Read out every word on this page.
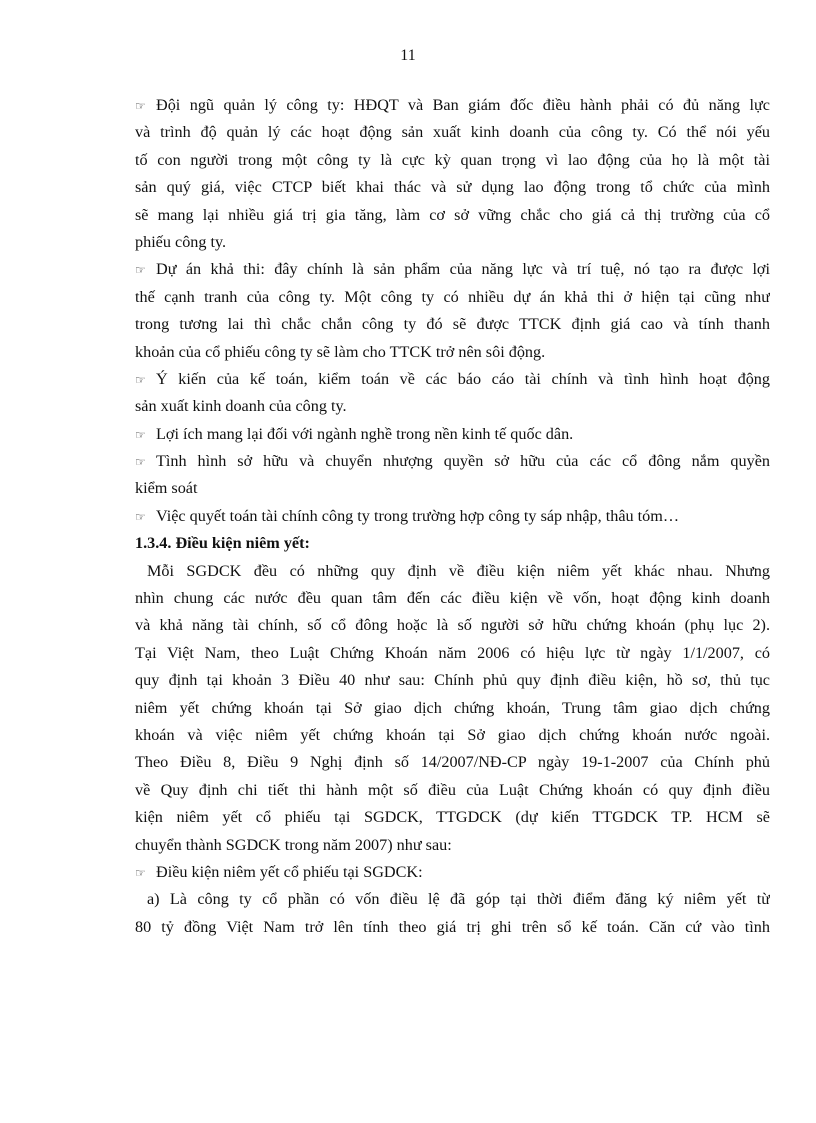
11
☞ Đội ngũ quản lý công ty: HĐQT và Ban giám đốc điều hành phải có đủ năng lực
và trình độ quản lý các hoạt động sản xuất kinh doanh của công ty. Có thể nói yếu
tố con người trong một công ty là cực kỳ quan trọng vì lao động của họ là một tài
sản quý giá, việc CTCP biết khai thác và sử dụng lao động trong tổ chức của mình
sẽ mang lại nhiều giá trị gia tăng, làm cơ sở vững chắc cho giá cả thị trường của cổ
phiếu công ty.
☞ Dự án khả thi: đây chính là sản phẩm của năng lực và trí tuệ, nó tạo ra được lợi
thế cạnh tranh của công ty. Một công ty có nhiều dự án khả thi ở hiện tại cũng như
trong tương lai thì chắc chắn công ty đó sẽ được TTCK định giá cao và tính thanh
khoản của cổ phiếu công ty sẽ làm cho TTCK trở nên sôi động.
☞ Ý kiến của kế toán, kiểm toán về các báo cáo tài chính và tình hình hoạt động
sản xuất kinh doanh của công ty.
☞ Lợi ích mang lại đối với ngành nghề trong nền kinh tế quốc dân.
☞ Tình hình sở hữu và chuyển nhượng quyền sở hữu của các cổ đông nắm quyền
kiểm soát
☞ Việc quyết toán tài chính công ty trong trường hợp công ty sáp nhập, thâu tóm…
1.3.4. Điều kiện niêm yết:
Mỗi SGDCK đều có những quy định về điều kiện niêm yết khác nhau. Nhưng
nhìn chung các nước đều quan tâm đến các điều kiện về vốn, hoạt động kinh doanh
và khả năng tài chính, số cổ đông hoặc là số người sở hữu chứng khoán (phụ lục 2).
Tại Việt Nam, theo Luật Chứng Khoán năm 2006 có hiệu lực từ ngày 1/1/2007, có
quy định tại khoản 3 Điều 40 như sau: Chính phủ quy định điều kiện, hồ sơ, thủ tục
niêm yết chứng khoán tại Sở giao dịch chứng khoán, Trung tâm giao dịch chứng
khoán và việc niêm yết chứng khoán tại Sở giao dịch chứng khoán nước ngoài.
Theo Điều 8, Điều 9 Nghị định số 14/2007/NĐ-CP ngày 19-1-2007 của Chính phủ
về Quy định chi tiết thi hành một số điều của Luật Chứng khoán có quy định điều
kiện niêm yết cổ phiếu tại SGDCK, TTGDCK (dự kiến TTGDCK TP. HCM sẽ
chuyển thành SGDCK trong năm 2007) như sau:
☞ Điều kiện niêm yết cổ phiếu tại SGDCK:
a) Là công ty cổ phần có vốn điều lệ đã góp tại thời điểm đăng ký niêm yết từ
80 tỷ đồng Việt Nam trở lên tính theo giá trị ghi trên sổ kế toán. Căn cứ vào tình
